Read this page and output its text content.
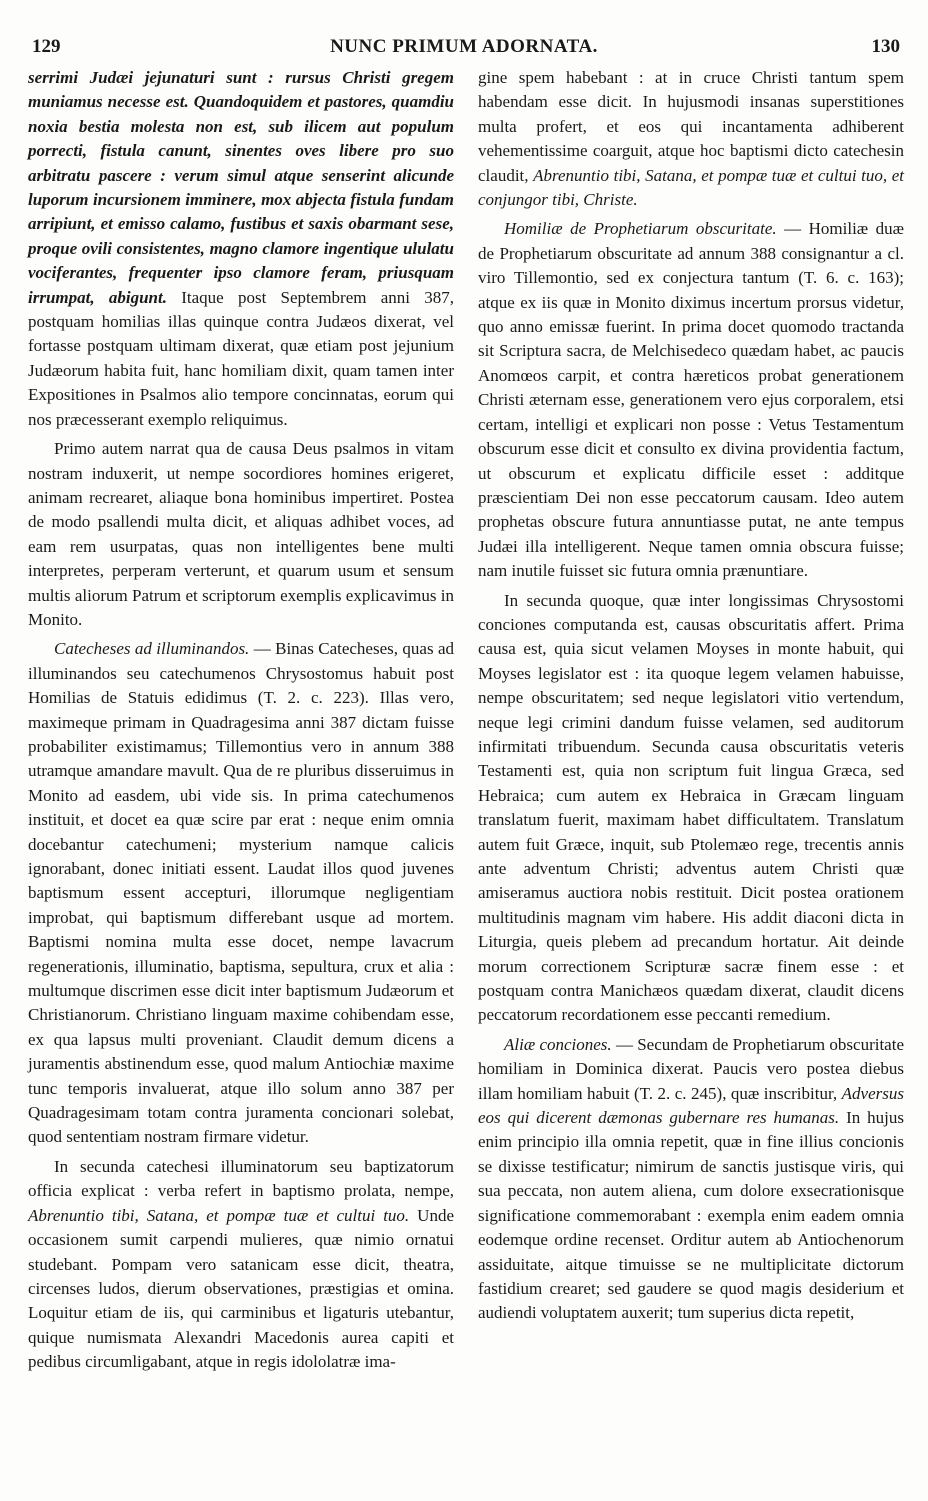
129	NUNC PRIMUM ADORNATA.	130

serrimi Judæi jejunaturi sunt : rursus Christi gregem muniamus necesse est. Quandoquidem et pastores, quamdiu noxia bestia molesta non est, sub ilicem aut populum porrecti, fistula canunt, sinentes oves libere pro suo arbitratu pascere : verum simul atque senserint alicunde luporum incursionem imminere, mox abjecta fistula fundam arripiunt, et emisso calamo, fustibus et saxis obarmant sese, proque ovili consistentes, magno clamore ingentique ululatu vociferantes, frequenter ipso clamore feram, priusquam irrumpat, abigunt. Itaque post Septembrem anni 387, postquam homilias illas quinque contra Judæos dixerat, vel fortasse postquam ultimam dixerat, quæ etiam post jejunium Judæorum habita fuit, hanc homiliam dixit, quam tamen inter Expositiones in Psalmos alio tempore concinnatas, eorum qui nos præcesserant exemplo reliquimus.

Primo autem narrat qua de causa Deus psalmos in vitam nostram induxerit, ut nempe socordiores homines erigeret, animam recrearet, aliaque bona hominibus impertiret. Postea de modo psallendi multa dicit, et aliquas adhibet voces, ad eam rem usurpatas, quas non intelligentes bene multi interpretes, perperam verterunt, et quarum usum et sensum multis aliorum Patrum et scriptorum exemplis explicavimus in Monito.

Catecheses ad illuminandos. — Binas Catecheses, quas ad illuminandos seu catechumenos Chrysostomus habuit post Homilias de Statuis edidimus (T. 2. c. 223). Illas vero, maximeque primam in Quadragesima anni 387 dictam fuisse probabiliter existimamus; Tillemontius vero in annum 388 utramque amandare mavult. Qua de re pluribus disseruimus in Monito ad easdem, ubi vide sis. In prima catechumenos instituit, et docet ea quæ scire par erat : neque enim omnia docebantur catechumeni; mysterium namque calicis ignorabant, donec initiati essent. Laudat illos quod juvenes baptismum essent accepturi, illorumque negligentiam improbat, qui baptismum differebant usque ad mortem. Baptismi nomina multa esse docet, nempe lavacrum regenerationis, illuminatio, baptisma, sepultura, crux et alia : multumque discrimen esse dicit inter baptismum Judæorum et Christianorum. Christiano linguam maxime cohibendam esse, ex qua lapsus multi proveniant. Claudit demum dicens a juramentis abstinendum esse, quod malum Antiochiæ maxime tunc temporis invaluerat, atque illo solum anno 387 per Quadragesimam totam contra juramenta concionari solebat, quod sententiam nostram firmare videtur.

In secunda catechesi illuminatorum seu baptizatorum officia explicat : verba refert in baptismo prolata, nempe, Abrenuntio tibi, Satana, et pompæ tuæ et cultui tuo. Unde occasionem sumit carpendi mulieres, quæ nimio ornatui studebant. Pompam vero satanicam esse dicit, theatra, circenses ludos, dierum observationes, præstigias et omina. Loquitur etiam de iis, qui carminibus et ligaturis utebantur, quique numismata Alexandri Macedonis aurea capiti et pedibus circumligabant, atque in regis idololatræ ima-

gine spem habebant : at in cruce Christi tantum spem habendam esse dicit. In hujusmodi insanas superstitiones multa profert, et eos qui incantamenta adhiberent vehementissime coarguit, atque hoc baptismi dicto catechesin claudit, Abrenuntio tibi, Satana, et pompæ tuæ et cultui tuo, et conjungor tibi, Christe.

Homiliæ de Prophetiarum obscuritate. — Homiliæ duæ de Prophetiarum obscuritate ad annum 388 consignantur a cl. viro Tillemontio, sed ex conjectura tantum (T. 6. c. 163); atque ex iis quæ in Monito diximus incertum prorsus videtur, quo anno emissæ fuerint. In prima docet quomodo tractanda sit Scriptura sacra, de Melchisedeco quædam habet, ac paucis Anomœos carpit, et contra hæreticos probat generationem Christi æternam esse, generationem vero ejus corporalem, etsi certam, intelligi et explicari non posse : Vetus Testamentum obscurum esse dicit et consulto ex divina providentia factum, ut obscurum et explicatu difficile esset : additque præscientiam Dei non esse peccatorum causam. Ideo autem prophetas obscure futura annuntiasse putat, ne ante tempus Judæi illa intelligerent. Neque tamen omnia obscura fuisse; nam inutile fuisset sic futura omnia prænuntiare.

In secunda quoque, quæ inter longissimas Chrysostomi conciones computanda est, causas obscuritatis affert. Prima causa est, quia sicut velamen Moyses in monte habuit, qui Moyses legislator est : ita quoque legem velamen habuisse, nempe obscuritatem; sed neque legislatori vitio vertendum, neque legi crimini dandum fuisse velamen, sed auditorum infirmitati tribuendum. Secunda causa obscuritatis veteris Testamenti est, quia non scriptum fuit lingua Græca, sed Hebraica; cum autem ex Hebraica in Græcam linguam translatum fuerit, maximam habet difficultatem. Translatum autem fuit Græce, inquit, sub Ptolemæo rege, trecentis annis ante adventum Christi; adventus autem Christi quæ amiseramus auctiora nobis restituit. Dicit postea orationem multitudinis magnam vim habere. His addit diaconi dicta in Liturgia, queis plebem ad precandum hortatur. Ait deinde morum correctionem Scripturæ sacræ finem esse : et postquam contra Manichæos quædam dixerat, claudit dicens peccatorum recordationem esse peccanti remedium.

Aliæ conciones. — Secundam de Prophetiarum obscuritate homiliam in Dominica dixerat. Paucis vero postea diebus illam homiliam habuit (T. 2. c. 245), quæ inscribitur, Adversus eos qui dicerent dæmonas gubernare res humanas. In hujus enim principio illa omnia repetit, quæ in fine illius concionis se dixisse testificatur; nimirum de sanctis justisque viris, qui sua peccata, non autem aliena, cum dolore exsecrationisque significatione commemorabant : exempla enim eadem omnia eodemque ordine recenset. Orditur autem ab Antiochenorum assiduitate, aitque timuisse se ne multiplicitate dictorum fastidium crearet; sed gaudere se quod magis desiderium et audiendi voluptatem auxerit; tum superius dicta repetit,
